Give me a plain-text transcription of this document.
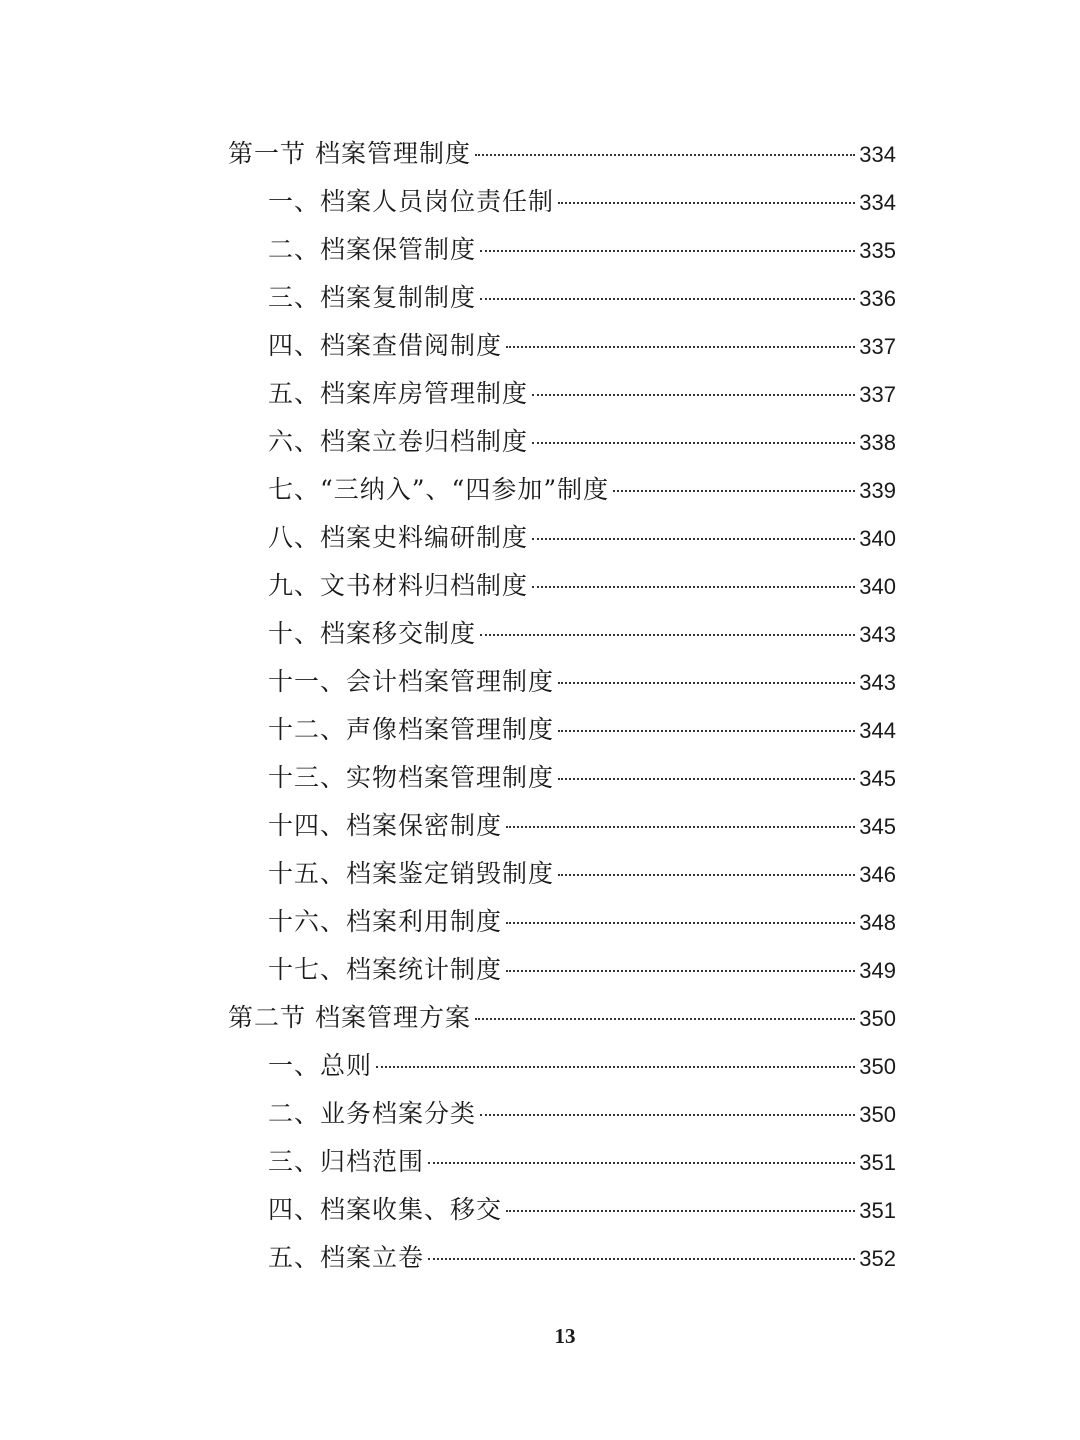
第一节 档案管理制度	334
一、档案人员岗位责任制	334
二、档案保管制度	335
三、档案复制制度	336
四、档案查借阅制度	337
五、档案库房管理制度	337
六、档案立卷归档制度	338
七、“三纳入”、“四参加”制度	339
八、档案史料编研制度	340
九、文书材料归档制度	340
十、档案移交制度	343
十一、会计档案管理制度	343
十二、声像档案管理制度	344
十三、实物档案管理制度	345
十四、档案保密制度	345
十五、档案鉴定销毁制度	346
十六、档案利用制度	348
十七、档案统计制度	349
第二节 档案管理方案	350
一、总则	350
二、业务档案分类	350
三、归档范围	351
四、档案收集、移交	351
五、档案立卷	352
13
